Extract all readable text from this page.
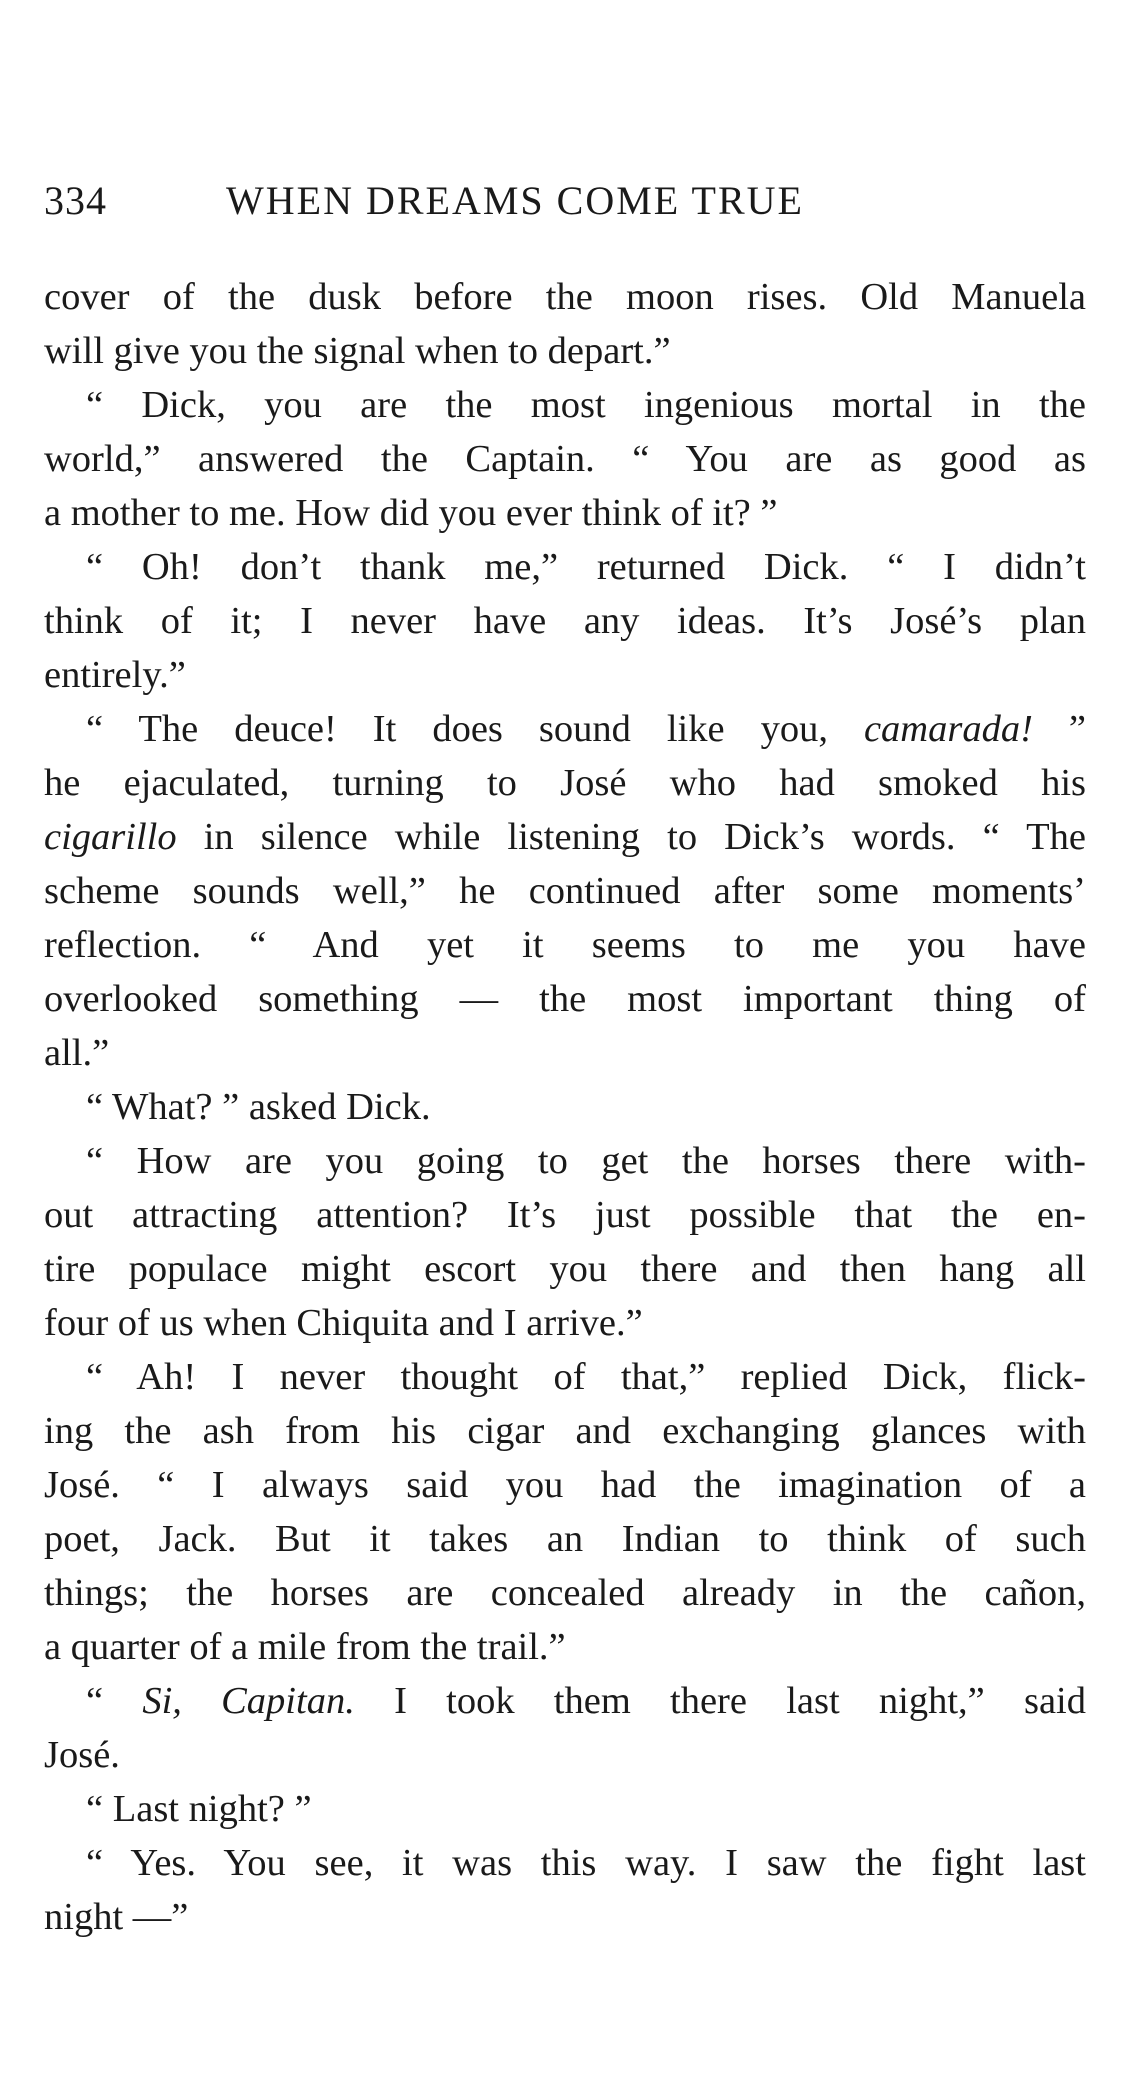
334	WHEN DREAMS COME TRUE
cover of the dusk before the moon rises. Old Manuela
will give you the signal when to depart.”
“ Dick, you are the most ingenious mortal in the
world,” answered the Captain. “ You are as good as
a mother to me. How did you ever think of it? ”
“ Oh! don’t thank me,” returned Dick. “ I didn’t
think of it; I never have any ideas. It’s José’s plan
entirely.”
“ The deuce! It does sound like you, camarada! ”
he ejaculated, turning to José who had smoked his
cigarillo in silence while listening to Dick’s words. “ The
scheme sounds well,” he continued after some moments’
reflection. “ And yet it seems to me you have
overlooked something — the most important thing of
all.”
“ What? ” asked Dick.
“ How are you going to get the horses there with-
out attracting attention? It’s just possible that the en-
tire populace might escort you there and then hang all
four of us when Chiquita and I arrive.”
“ Ah! I never thought of that,” replied Dick, flick-
ing the ash from his cigar and exchanging glances with
José. “ I always said you had the imagination of a
poet, Jack. But it takes an Indian to think of such
things; the horses are concealed already in the cañon,
a quarter of a mile from the trail.”
“ Si, Capitan. I took them there last night,” said
José.
“ Last night? ”
“ Yes. You see, it was this way. I saw the fight last
night —”
